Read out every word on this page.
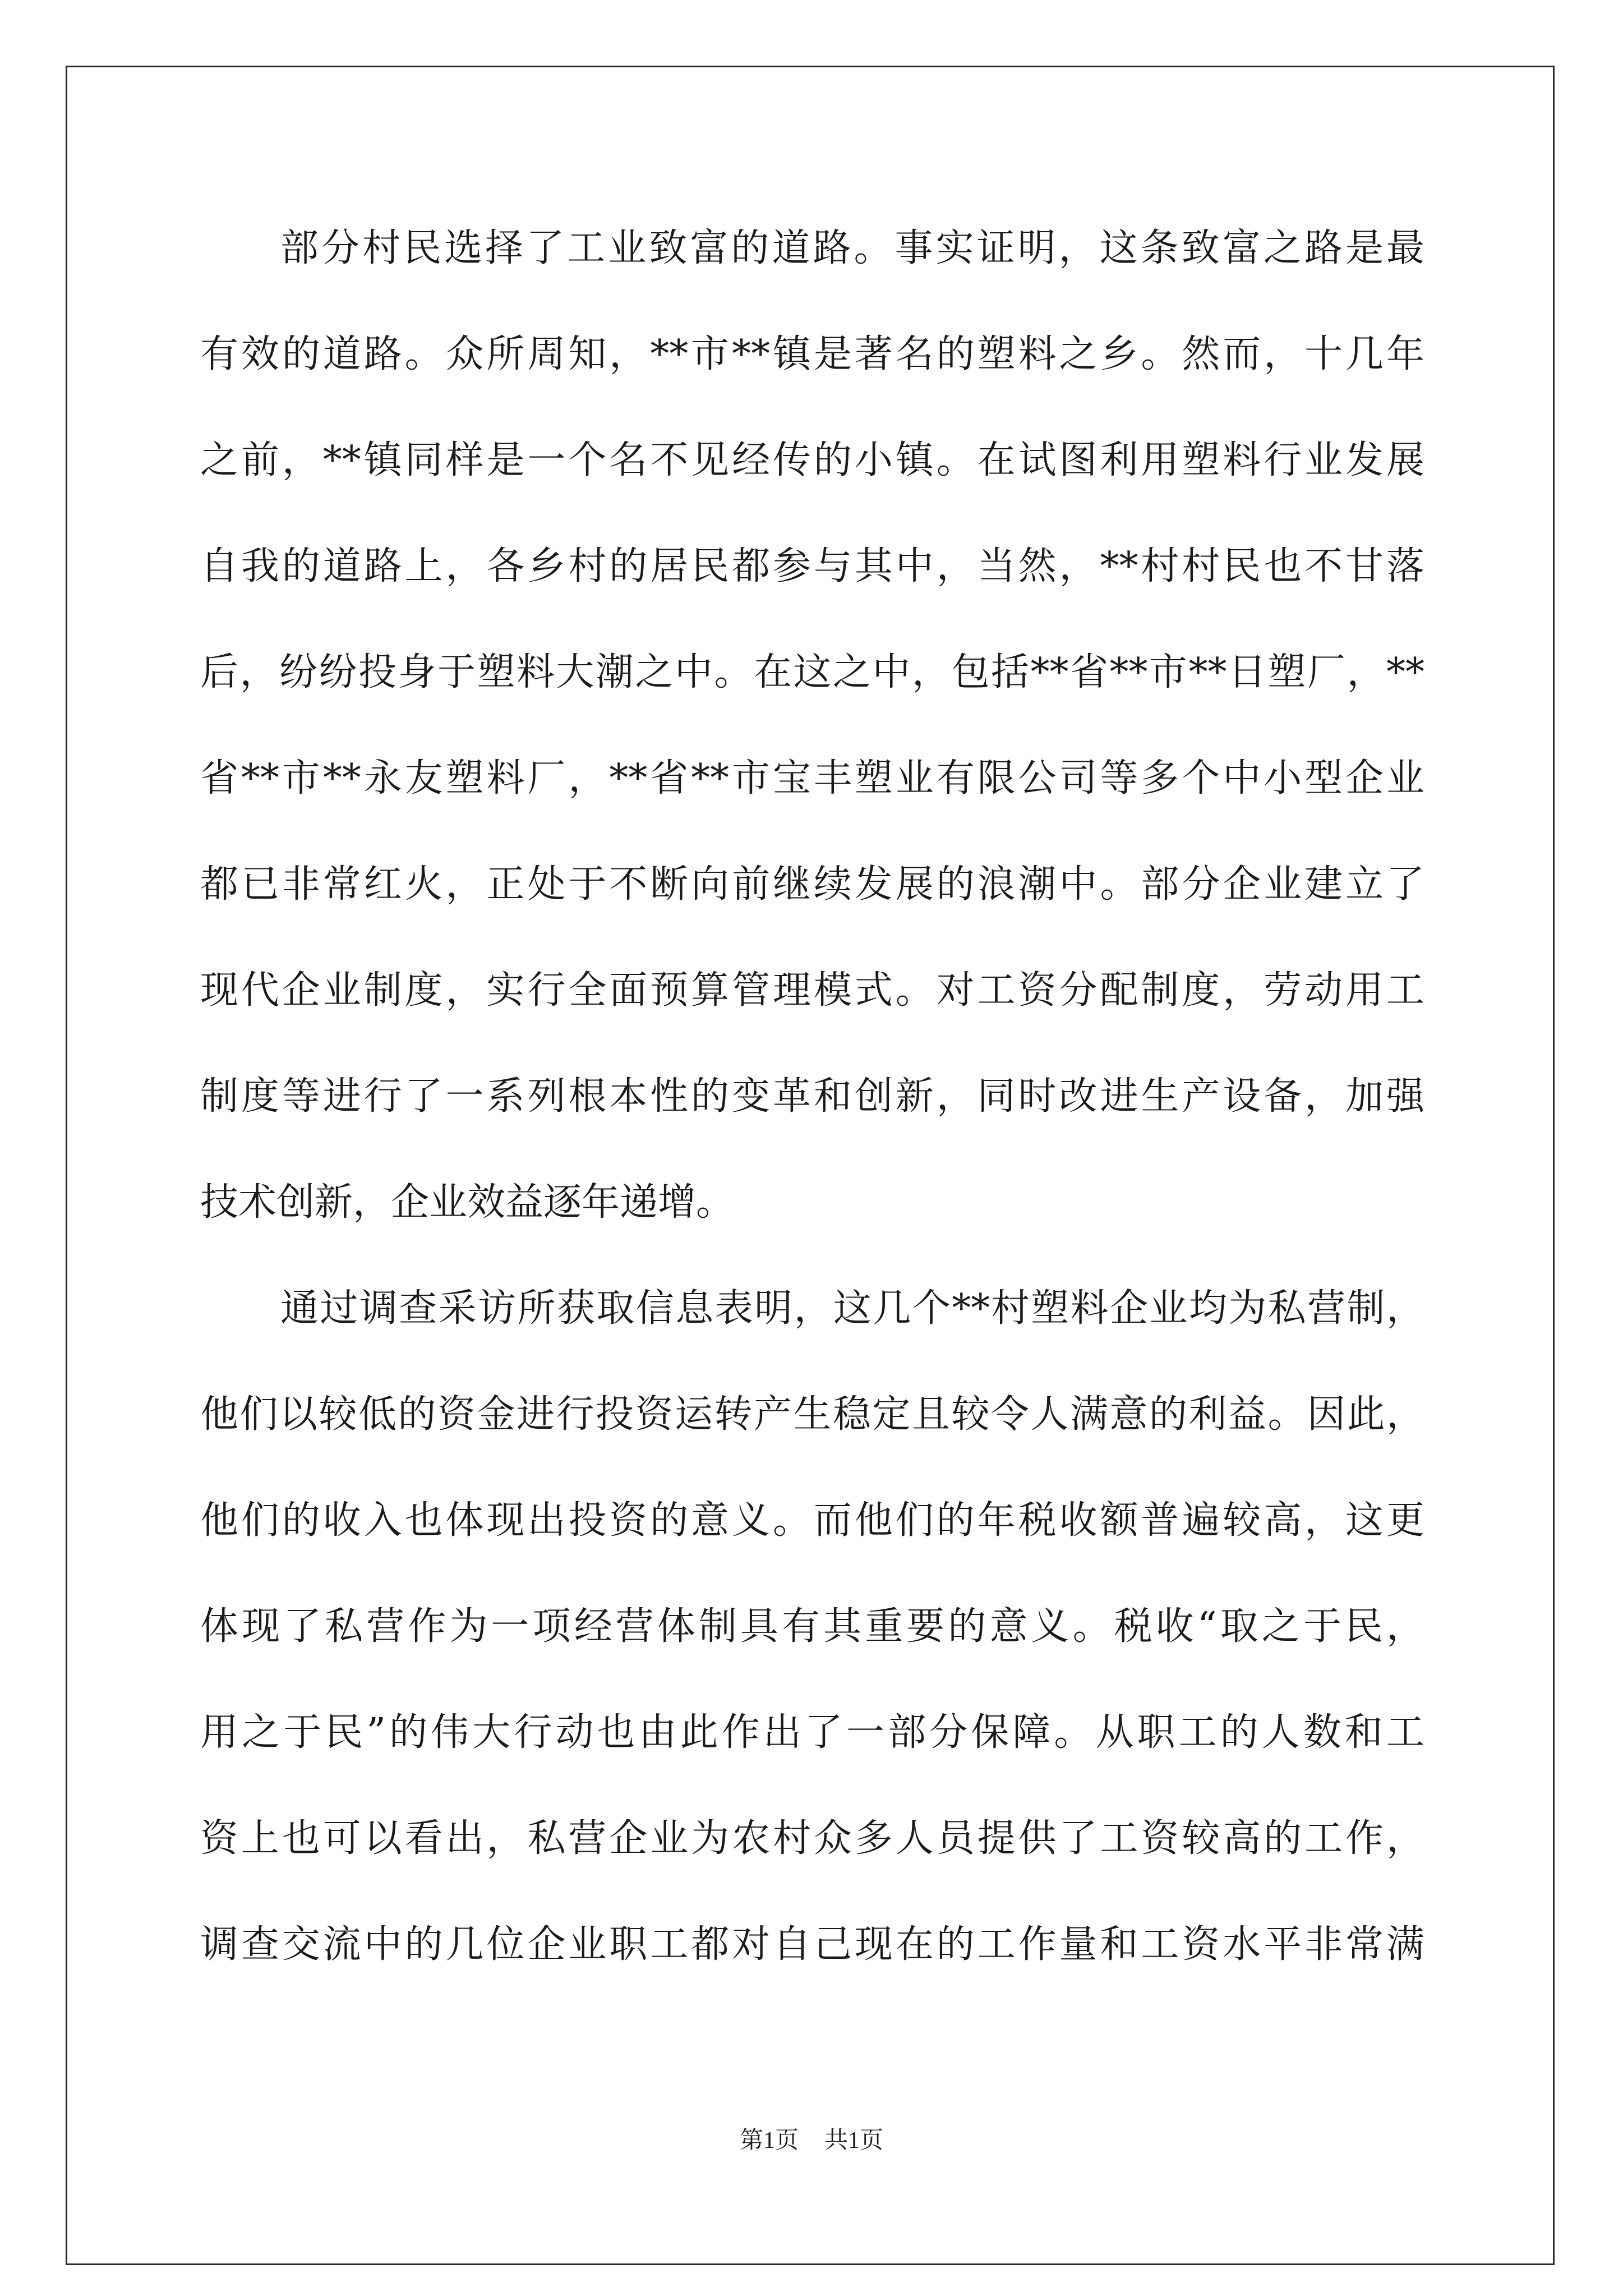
部分村民选择了工业致富的道路。事实证明，这条致富之路是最
有效的道路。众所周知，**市**镇是著名的塑料之乡。然而，十几年
之前，**镇同样是一个名不见经传的小镇。在试图利用塑料行业发展
自我的道路上，各乡村的居民都参与其中，当然，**村村民也不甘落
后，纷纷投身于塑料大潮之中。在这之中，包括**省**市**日塑厂，**
省**市**永友塑料厂，**省**市宝丰塑业有限公司等多个中小型企业
都已非常红火，正处于不断向前继续发展的浪潮中。部分企业建立了
现代企业制度，实行全面预算管理模式。对工资分配制度，劳动用工
制度等进行了一系列根本性的变革和创新，同时改进生产设备，加强
技术创新，企业效益逐年递增。
通过调查采访所获取信息表明，这几个**村塑料企业均为私营制，
他们以较低的资金进行投资运转产生稳定且较令人满意的利益。因此，
他们的收入也体现出投资的意义。而他们的年税收额普遍较高，这更
体现了私营作为一项经营体制具有其重要的意义。税收“取之于民，
用之于民”的伟大行动也由此作出了一部分保障。从职工的人数和工
资上也可以看出，私营企业为农村众多人员提供了工资较高的工作，
调查交流中的几位企业职工都对自己现在的工作量和工资水平非常满
第1页 共1页
